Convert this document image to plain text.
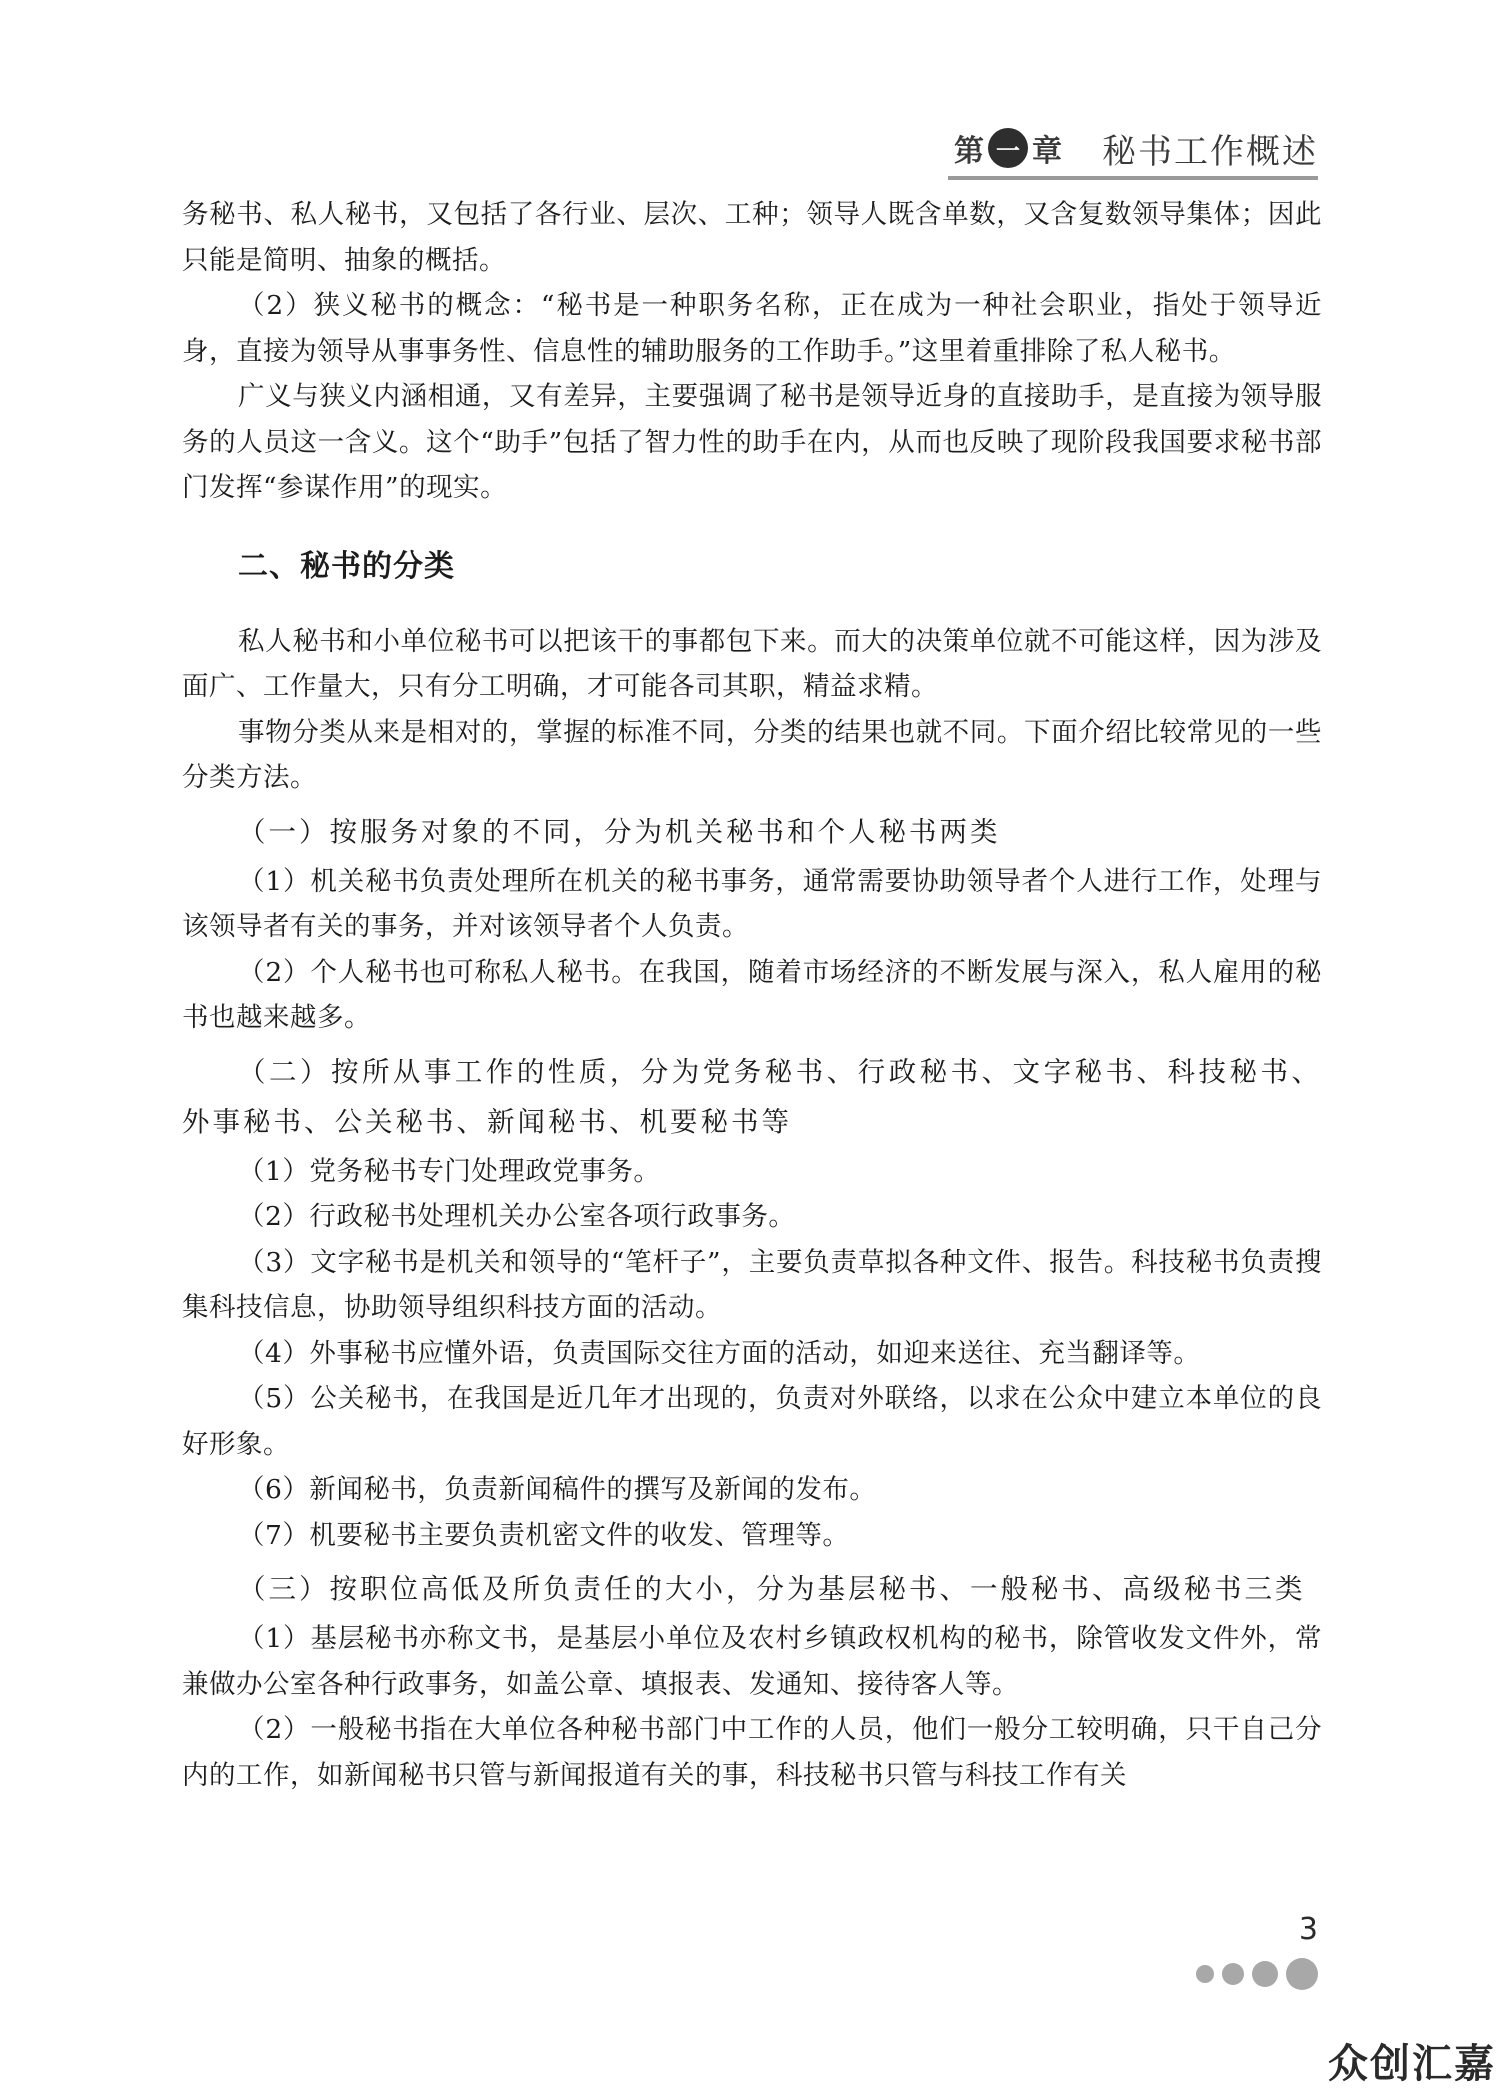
第 一 章 秘书工作概述

务秘书、私人秘书，又包括了各行业、层次、工种；领导人既含单数，又含复数领导集体；因此只能是简明、抽象的概括。

（2）狭义秘书的概念：“秘书是一种职务名称，正在成为一种社会职业，指处于领导近身，直接为领导从事事务性、信息性的辅助服务的工作助手。”这里着重排除了私人秘书。

广义与狭义内涵相通，又有差异，主要强调了秘书是领导近身的直接助手，是直接为领导服务的人员这一含义。这个“助手”包括了智力性的助手在内，从而也反映了现阶段我国要求秘书部门发挥“参谋作用”的现实。

二、秘书的分类

私人秘书和小单位秘书可以把该干的事都包下来。而大的决策单位就不可能这样，因为涉及面广、工作量大，只有分工明确，才可能各司其职，精益求精。

事物分类从来是相对的，掌握的标准不同，分类的结果也就不同。下面介绍比较常见的一些分类方法。

（一）按服务对象的不同，分为机关秘书和个人秘书两类

（1）机关秘书负责处理所在机关的秘书事务，通常需要协助领导者个人进行工作，处理与该领导者有关的事务，并对该领导者个人负责。

（2）个人秘书也可称私人秘书。在我国，随着市场经济的不断发展与深入，私人雇用的秘书也越来越多。

（二）按所从事工作的性质，分为党务秘书、行政秘书、文字秘书、科技秘书、外事秘书、公关秘书、新闻秘书、机要秘书等

（1）党务秘书专门处理政党事务。

（2）行政秘书处理机关办公室各项行政事务。

（3）文字秘书是机关和领导的“笔杆子”，主要负责草拟各种文件、报告。科技秘书负责搜集科技信息，协助领导组织科技方面的活动。

（4）外事秘书应懂外语，负责国际交往方面的活动，如迎来送往、充当翻译等。

（5）公关秘书，在我国是近几年才出现的，负责对外联络，以求在公众中建立本单位的良好形象。

（6）新闻秘书，负责新闻稿件的撰写及新闻的发布。

（7）机要秘书主要负责机密文件的收发、管理等。

（三）按职位高低及所负责任的大小，分为基层秘书、一般秘书、高级秘书三类

（1）基层秘书亦称文书，是基层小单位及农村乡镇政权机构的秘书，除管收发文件外，常兼做办公室各种行政事务，如盖公章、填报表、发通知、接待客人等。

（2）一般秘书指在大单位各种秘书部门中工作的人员，他们一般分工较明确，只干自己分内的工作，如新闻秘书只管与新闻报道有关的事，科技秘书只管与科技工作有关

3
众创汇嘉
